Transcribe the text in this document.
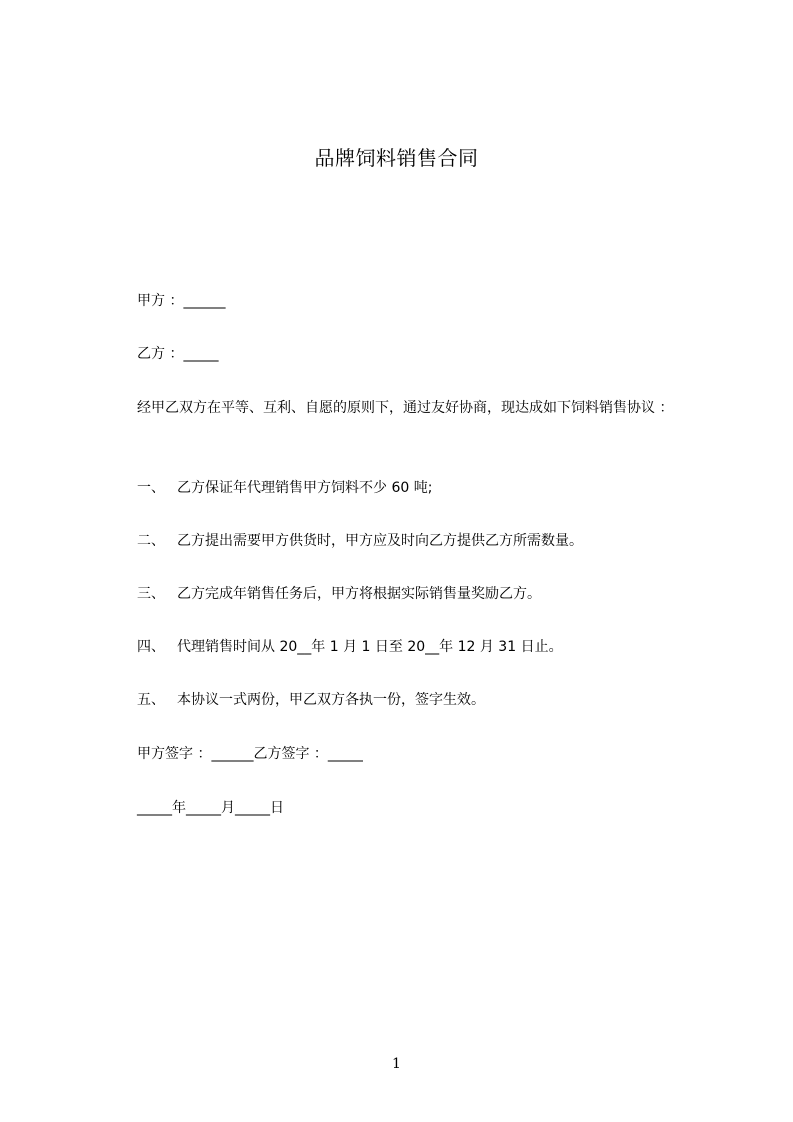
品牌饲料销售合同
甲方 ：______
乙方 ：_____
经甲乙双方在平等、互利、自愿的原则下，通过友好协商，现达成如下饲料销售协议 ：
一、 乙方保证年代理销售甲方饲料不少 60 吨;
二、 乙方提出需要甲方供货时，甲方应及时向乙方提供乙方所需数量。
三、 乙方完成年销售任务后，甲方将根据实际销售量奖励乙方。
四、 代理销售时间从 20__年 1 月 1 日至 20__年 12 月 31 日止。
五、 本协议一式两份，甲乙双方各执一份，签字生效。
甲方签字 ：______乙方签字 ：_____
_____年_____月_____日
1
